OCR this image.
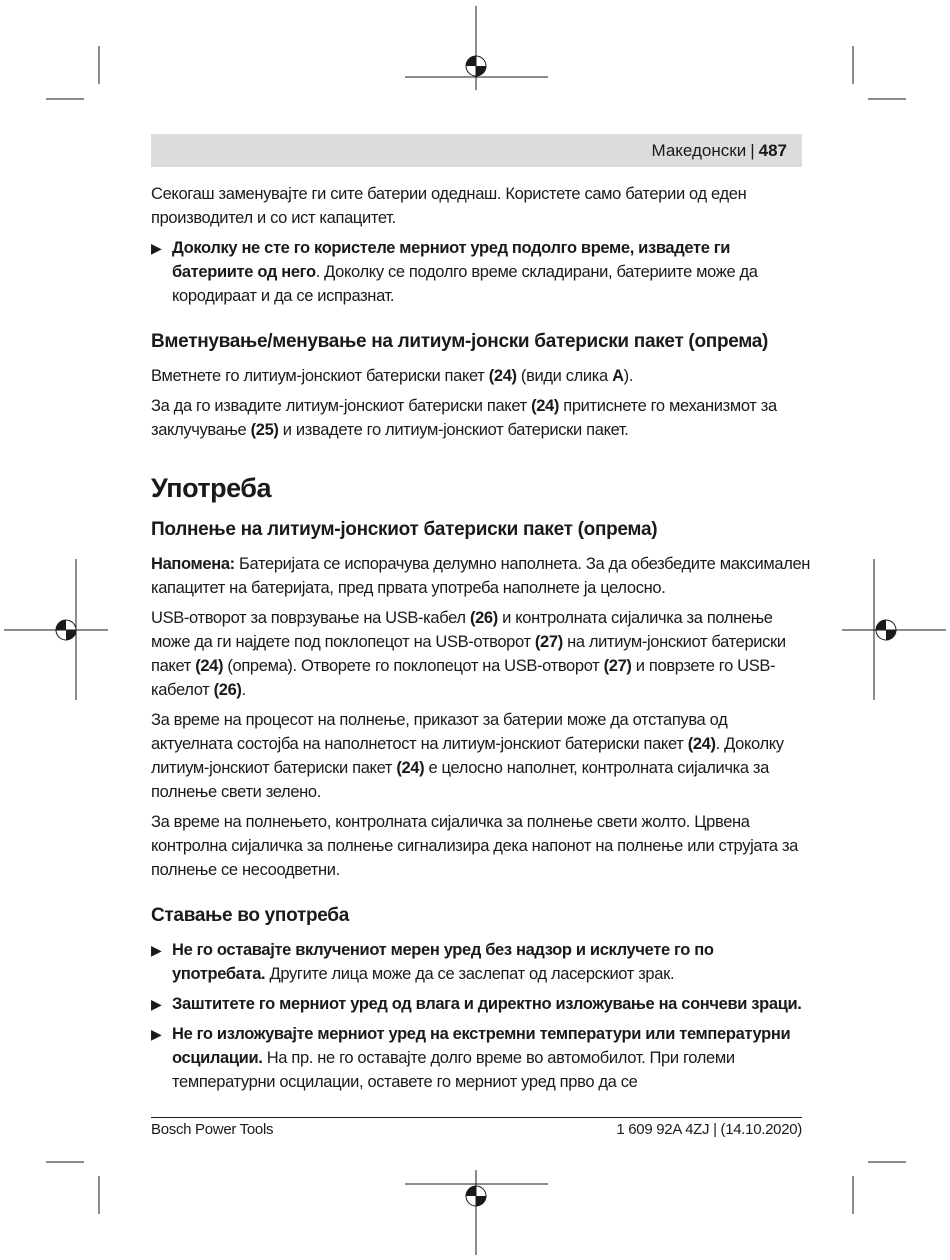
Македонски | 487

Секогаш заменувајте ги сите батерии одеднаш. Користете само батерии од еден производител и со ист капацитет.

▶ Доколку не сте го користеле мерниот уред подолго време, извадете ги батериите од него. Доколку се подолго време складирани, батериите може да кородираат и да се испразнат.
Вметнување/менување на литиум-јонски батериски пакет (опрема)

Вметнете го литиум-јонскиот батериски пакет (24) (види слика A).

За да го извадите литиум-јонскиот батериски пакет (24) притиснете го механизмот за заклучување (25) и извадете го литиум-јонскиот батериски пакет.

Употреба
Полнење на литиум-јонскиот батериски пакет (опрема)

Напомена: Батеријата се испорачува делумно наполнета. За да обезбедите максимален капацитет на батеријата, пред првата употреба наполнете ја целосно.

USB-отворот за поврзување на USB-кабел (26) и контролната сијаличка за полнење може да ги најдете под поклопецот на USB-отворот (27) на литиум-јонскиот батериски пакет (24) (опрема). Отворете го поклопецот на USB-отворот (27) и поврзете го USB-кабелот (26).

За време на процесот на полнење, приказот за батерии може да отстапува од актуелната состојба на наполнетост на литиум-јонскиот батериски пакет (24). Доколку литиум-јонскиот батериски пакет (24) е целосно наполнет, контролната сијаличка за полнење свети зелено.

За време на полнењето, контролната сијаличка за полнење свети жолто. Црвена контролна сијаличка за полнење сигнализира дека напонот на полнење или струјата за полнење се несоодветни.

Ставање во употреба
▶ Не го оставајте вклучениот мерен уред без надзор и исклучете го по употребата. Другите лица може да се заслепат од ласерскиот зрак.
▶ Заштитете го мерниот уред од влага и директно изложување на сончеви зраци.
▶ Не го изложувајте мерниот уред на екстремни температури или температурни осцилации. На пр. не го оставајте долго време во автомобилот. При големи температурни осцилации, оставете го мерниот уред прво да се
Bosch Power Tools	1 609 92A 4ZJ | (14.10.2020)
